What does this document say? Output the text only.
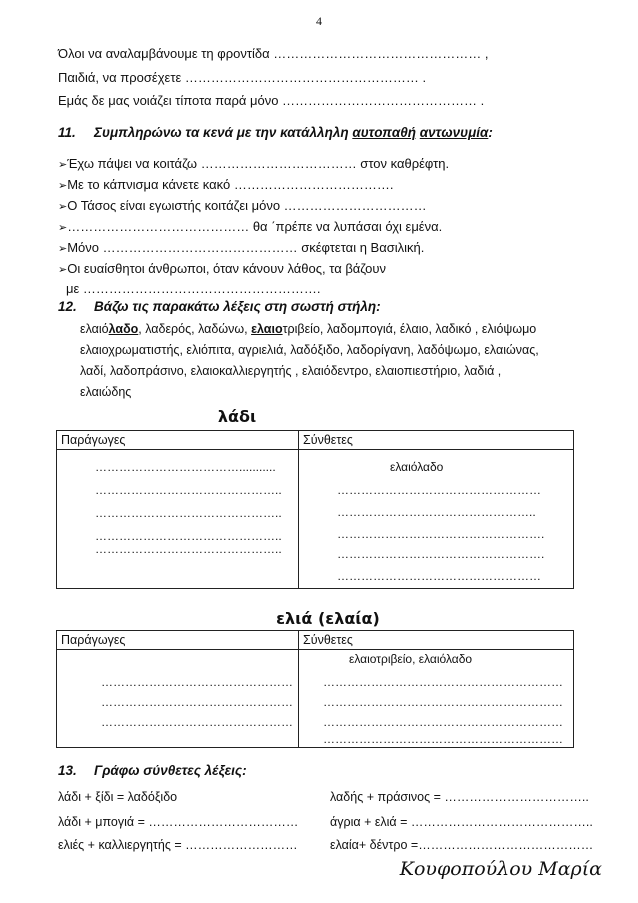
4
Όλοι να αναλαμβάνουμε τη φροντίδα ………………………………………… ,
Παιδιά, να προσέχετε ……………………………………………… .
Εμάς δε μας νοιάζει τίποτα παρά μόνο ……………………………………… .
11. Συμπληρώνω τα κενά με την κατάλληλη αυτοπαθή αντωνυμία:
➢Έχω πάψει να κοιτάζω ……………………………… στον καθρέφτη.
➢Με το κάπνισμα κάνετε κακό ……………………………….
➢Ο Τάσος είναι εγωιστής κοιτάζει μόνο ……………………………
➢…………………………………… θα ΄πρέπε να λυπάσαι όχι εμένα.
➢Μόνο ……………………………………… σκέφτεται η Βασιλική.
➢Οι ευαίσθητοι άνθρωποι, όταν κάνουν λάθος, τα βάζουν
με ……………………………………………….
12. Βάζω τις παρακάτω λέξεις στη σωστή στήλη:
ελαιόλαδο, λαδερός, λαδώνω, ελαιοτριβείο, λαδομπογιά, έλαιο, λαδικό , ελιόψωμο
ελαιοχρωματιστής, ελιόπιτα, αγριελιά, λαδόξιδο, λαδορίγανη, λαδόψωμο, ελαιώνας,
λαδί, λαδοπράσινο, ελαιοκαλλιεργητής , ελαιόδεντρο, ελαιοπιεστήριο, λαδιά ,
ελαιώδης
λάδι
Παράγωγες	Σύνθετες
………………………………...........
………………………………………..
………………………………………..
………………………………………..
………………………………………..
ελαιόλαδο
……………………………………………
…………………………………………..
…………………………………………….
…………………………………………….
……………………………………………
ελιά (ελαία)
Παράγωγες	Σύνθετες
ελαιοτριβείο, ελαιόλαδο
…………………………………………
…………………………………………
…………………………………………
……………………………………………………
……………………………………………………
……………………………………………………
……………………………………………………
13. Γράφω σύνθετες λέξεις:
λάδι + ξίδι = λαδόξιδο
λάδι + μπογιά = ………………………………
ελιές + καλλιεργητής = ………………………
λαδής + πράσινος = ……………………………..
άγρια + ελιά = ……………………………………..
ελαία+ δέντρο =……………………………………
Κουφοπούλου Μαρία
